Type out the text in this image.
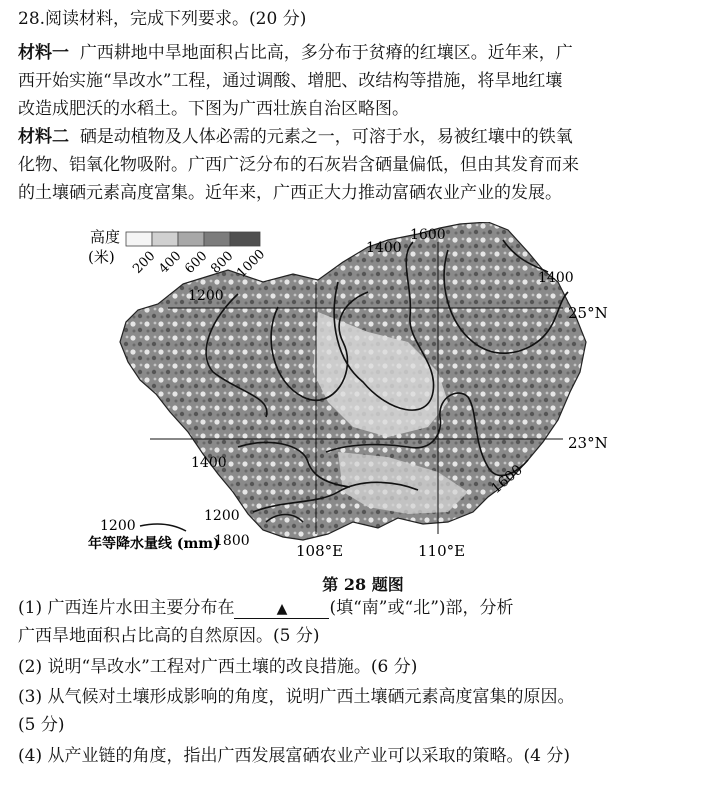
28.阅读材料，完成下列要求。(20 分)
材料一 广西耕地中旱地面积占比高，多分布于贫瘠的红壤区。近年来，广
西开始实施“旱改水”工程，通过调酸、增肥、改结构等措施，将旱地红壤
改造成肥沃的水稻土。下图为广西壮族自治区略图。
材料二 硒是动植物及人体必需的元素之一，可溶于水，易被红壤中的铁氧
化物、铝氧化物吸附。广西广泛分布的石灰岩含硒量偏低，但由其发育而来
的土壤硒元素高度富集。近年来，广西正大力推动富硒农业产业的发展。
1200
1400
1600
1400
1400
1200
1800
1600
25°N
23°N
108°E	110°E
高度
(米) 200
400
600
800
1000
1200
年等降水量线 (mm)
第 28 题图
(1) 广西连片水田主要分布在	▲ (填“南”或“北”)部，分析
广西旱地面积占比高的自然原因。(5 分)
(2) 说明“旱改水”工程对广西土壤的改良措施。(6 分)
(3) 从气候对土壤形成影响的角度，说明广西土壤硒元素高度富集的原因。
(5 分)
(4) 从产业链的角度，指出广西发展富硒农业产业可以采取的策略。(4 分)
